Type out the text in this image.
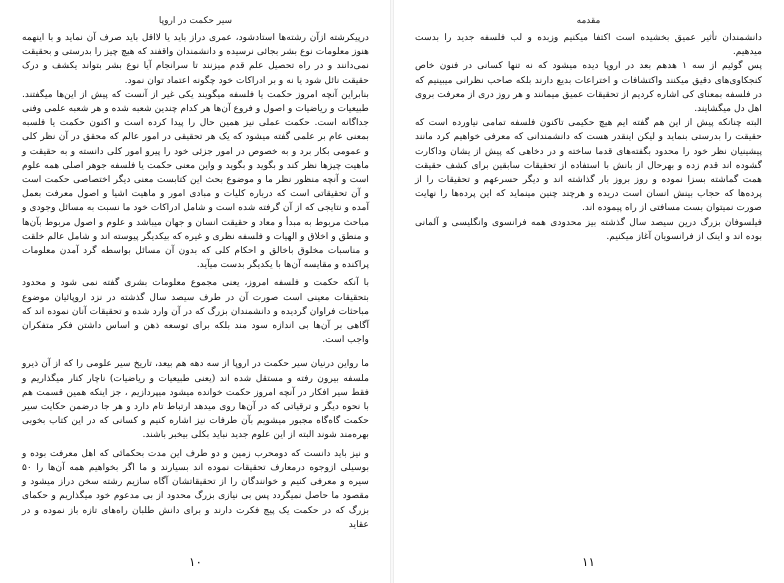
سیر حکمت در اروپا

درپیکرشته ازآن رشته‌ها استادشود، عمری دراز باید یا لااقل باید صرف آن نماید و با اینهمه هنوز معلومات نوع بشر بجائی نرسیده و دانشمندان واقفند که هیچ چیز را بدرستی و بحقیقت نمی‌دانند و در راه تحصیل علم قدم میزنند تا سرانجام آیا نوع بشر بتواند یکشف و درک حقیقت نائل شود یا نه و بر ادراکات خود چگونه اعتماد توان نمود.

بنابراین آنچه امروز حکمت یا فلسفه میگویند یکی غیر از آنست که پیش از این‌ها میگفتند. طبیعیات و ریاضیات و اصول و فروع آن‌ها هر کدام چندین شعبه شده و هر شعبه علمی وفنی جداگانه است. حکمت عملی نیز همین حال را پیدا کرده است و اکنون حکمت یا فلسبه بمعنی عام بر علمی گفته میشود که یک هر تحقیقی در امور عالم که محقق در آن نظر کلی و عمومی بکار برد و به خصوص در امور جزئی خود را پیرو امور کلی دانسته و به حقیقت و ماهیت چیزها نظر کند و بگوید و بگوید و واین معنی حکمت یا فلسفه جوهر اصلی همه علوم است و آنچه منظور نظر ما و موضوع بحث این کتابست معنی دیگر اختصاصی حکمت است و آن تحقیقاتی است که درباره کلیات و مبادی امور و ماهیت اشیا و اصول معرفت بعمل آمده و نتایجی که از آن گرفته شده است و شامل ادراکات خود ما نسبت به مسائل وجودی و مباحث مربوط به مبدأ و معاد و حقیقت انسان و جهان میباشد و علوم و اصول مربوط بآن‌ها و منطق و اخلاق و الهیات و فلسفه نظری و غیره که بیکدیگر پیوسته اند و شامل عالم خلقت و مناسبات مخلوق باخالق و احکام کلی که بدون آن مسائل بواسطه گرد آمدن معلومات پراکنده و مقایسه آن‌ها با یکدیگر بدست میآید.

با آنکه حکمت و فلسفه امروز، یعنی مجموع معلومات بشری گفته نمی شود و محدود بتحقیقات معینی است صورت آن در طرف سیصد سال گذشته در نزد اروپائیان موضوع مباحثات فراوان گردیده و دانشمندان بزرگ که در آن وارد شده و تحقیقات آنان نموده اند که آگاهی بر آن‌ها بی اندازه سود مند بلکه برای توسعه ذهن و اساس داشتن فکر متفکران واجب است.

ما رواین درنیان سیر حکمت در اروپا از سه دهه هم بیعد، تاریخ سیر علومی را که از آن ذیرو ملسفه بیرون رفته و مستقل شده اند (یعنی طبیعیات و ریاضیات) ناچار کنار میگذاریم و فقط سیر افکار در آنچه امروز حکمت خوانده میشود میپردازیم ، جز اینکه همین قسمت هم با نحوه دیگر و ترقیاتی که در آن‌ها روی میدهد ارتباط تام دارد و هر جا درضمن حکایت سیر حکمت گاه‌گاه مجبور میشویم بآن طرفات نیز اشاره کنیم و کسانی که در این کتاب بخوبی بهره‌مند شوند البته از این علوم جدید نباید بکلی بیخبر باشند.

و نیز باید دانست که دومحرب زمین و دو طرف این مدت بحکمائی که اهل معرفت بوده و بوسیلی ازوجوه درمعارف تحقیقات نموده اند بسیارند و ما اگر بخواهیم همه آن‌ها را ۵۰ سیره و معرفی کنیم و خوانندگان را از تحقیقاتشان آگاه سازیم رشته سخن دراز میشود و مقصود ما حاصل نمیگردد پس بی نیازی بزرگ محدود از بی مدعوم خود میگذاریم و حکمای بزرگ که در حکمت یک پیج فکرت دارند و برای دانش طلبان راه‌های تازه باز نموده و در عقاید

۱۰
مقدمه

دانشمندان تأثیر عمیق بخشیده است اکتفا میکنیم وزبده و لب فلسفه جدید را بدست میدهیم.

پس گوئیم از سه ۱ هدهم بعد در اروپا دیده میشود که نه تنها کسانی در فنون خاص کنجکاوی‌های دقیق میکنند واکتشافات و اختراعات بدیع دارند بلکه صاحب نظرانی میبینیم که در فلسفه بمعنای کی اشاره کردیم از تحقیقات عمیق میمانند و هر روز دری از معرفت بروی اهل دل میگشایند.

البته چنانکه پیش از این هم گفته ایم هیچ حکیمی تاکنون فلسفه تمامی نیاورده است که حقیقت را بدرستی بنماید و لیکن اینقدر هست که دانشمندانی که معرفی خواهیم کرد مانند پیشینیان نظر خود را محدود بگفته‌های قدما ساخته و در دخاهی که پیش از یشان وداکارت گشوده اند قدم زده و بهرحال از بانش با استفاده از تحقیقات سابقین برای کشف حقیقت همت گماشته بسزا نموده و روز بروز بار گذاشته اند و دیگر حسرعهم و تحقیقات را از پرده‌ها که حجاب بینش انسان است دریده و هرچند چنین مینماید که این پرده‌ها را نهایت صورت نمیتوان بست مسافتی از راه پیموده اند.

فیلسوفان بزرگ درین سیصد سال گذشته بیز محدودی همه فرانسوی وانگلیسی و آلمانی بوده اند و اینک از فرانسویان آغاز میکنیم.

۱۱
